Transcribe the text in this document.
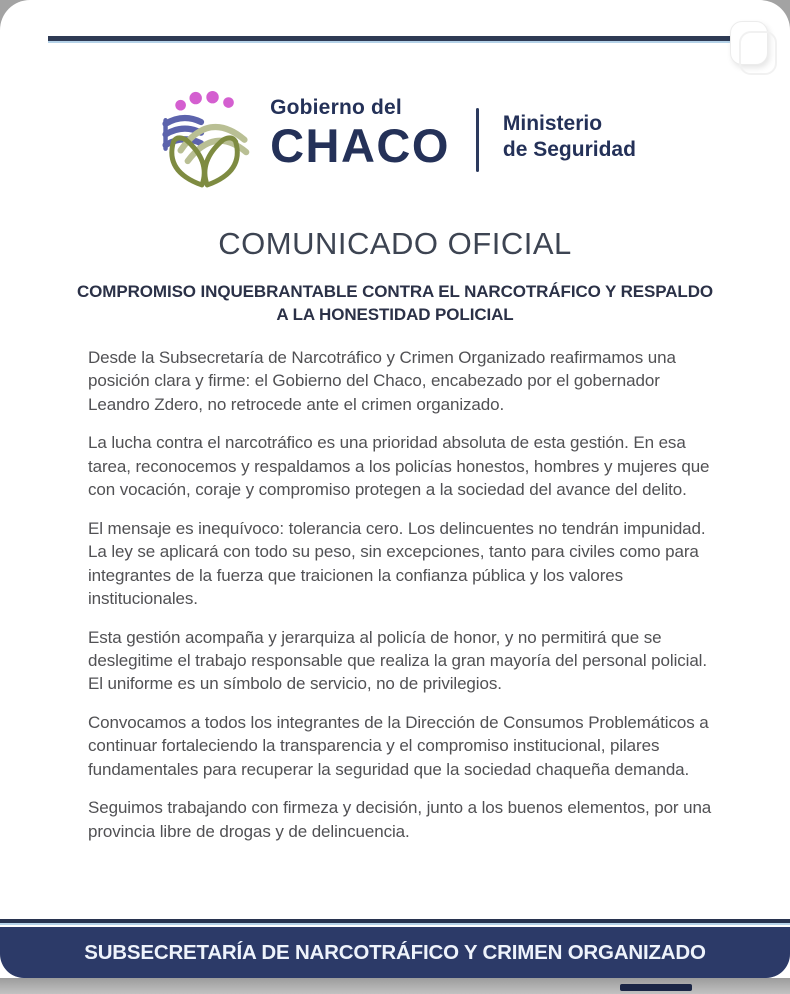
Gobierno del
CHACO	Ministerio
de Seguridad
COMUNICADO OFICIAL
COMPROMISO INQUEBRANTABLE CONTRA EL NARCOTRÁFICO Y RESPALDO
A LA HONESTIDAD POLICIAL

Desde la Subsecretaría de Narcotráfico y Crimen Organizado reafirmamos una posición clara y firme: el Gobierno del Chaco, encabezado por el gobernador Leandro Zdero, no retrocede ante el crimen organizado.

La lucha contra el narcotráfico es una prioridad absoluta de esta gestión. En esa tarea, reconocemos y respaldamos a los policías honestos, hombres y mujeres que con vocación, coraje y compromiso protegen a la sociedad del avance del delito.

El mensaje es inequívoco: tolerancia cero. Los delincuentes no tendrán impunidad. La ley se aplicará con todo su peso, sin excepciones, tanto para civiles como para integrantes de la fuerza que traicionen la confianza pública y los valores institucionales.

Esta gestión acompaña y jerarquiza al policía de honor, y no permitirá que se deslegitime el trabajo responsable que realiza la gran mayoría del personal policial. El uniforme es un símbolo de servicio, no de privilegios.

Convocamos a todos los integrantes de la Dirección de Consumos Problemáticos a continuar fortaleciendo la transparencia y el compromiso institucional, pilares fundamentales para recuperar la seguridad que la sociedad chaqueña demanda.

Seguimos trabajando con firmeza y decisión, junto a los buenos elementos, por una provincia libre de drogas y de delincuencia.

SUBSECRETARÍA DE NARCOTRÁFICO Y CRIMEN ORGANIZADO
